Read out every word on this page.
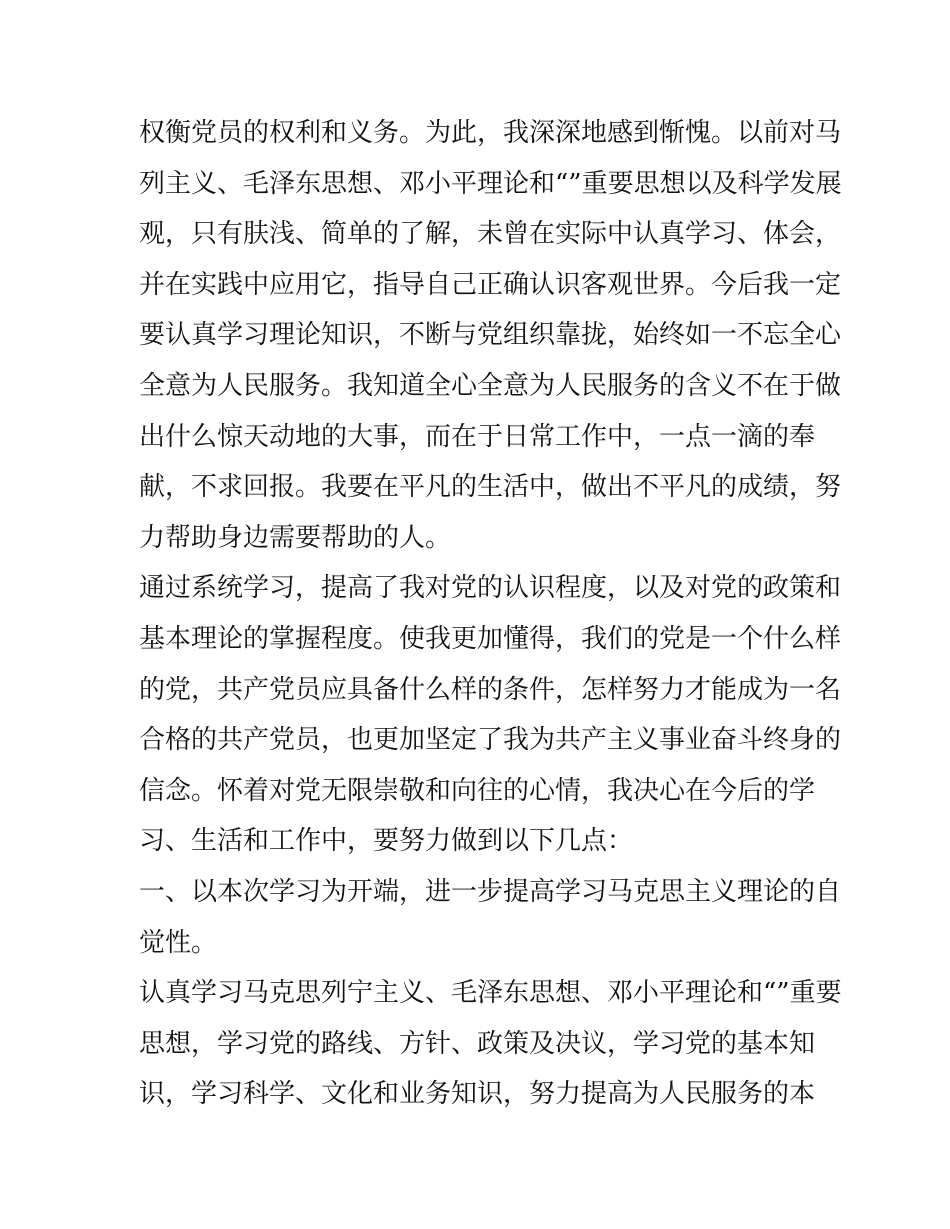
权衡党员的权利和义务。为此，我深深地感到惭愧。以前对马
列主义、毛泽东思想、邓小平理论和“”重要思想以及科学发展
观，只有肤浅、简单的了解，未曾在实际中认真学习、体会，
并在实践中应用它，指导自己正确认识客观世界。今后我一定
要认真学习理论知识，不断与党组织靠拢，始终如一不忘全心
全意为人民服务。我知道全心全意为人民服务的含义不在于做
出什么惊天动地的大事，而在于日常工作中，一点一滴的奉
献，不求回报。我要在平凡的生活中，做出不平凡的成绩，努
力帮助身边需要帮助的人。
通过系统学习，提高了我对党的认识程度，以及对党的政策和
基本理论的掌握程度。使我更加懂得，我们的党是一个什么样
的党，共产党员应具备什么样的条件，怎样努力才能成为一名
合格的共产党员，也更加坚定了我为共产主义事业奋斗终身的
信念。怀着对党无限崇敬和向往的心情，我决心在今后的学
习、生活和工作中，要努力做到以下几点：
一、以本次学习为开端，进一步提高学习马克思主义理论的自
觉性。
认真学习马克思列宁主义、毛泽东思想、邓小平理论和“”重要
思想，学习党的路线、方针、政策及决议，学习党的基本知
识，学习科学、文化和业务知识，努力提高为人民服务的本
